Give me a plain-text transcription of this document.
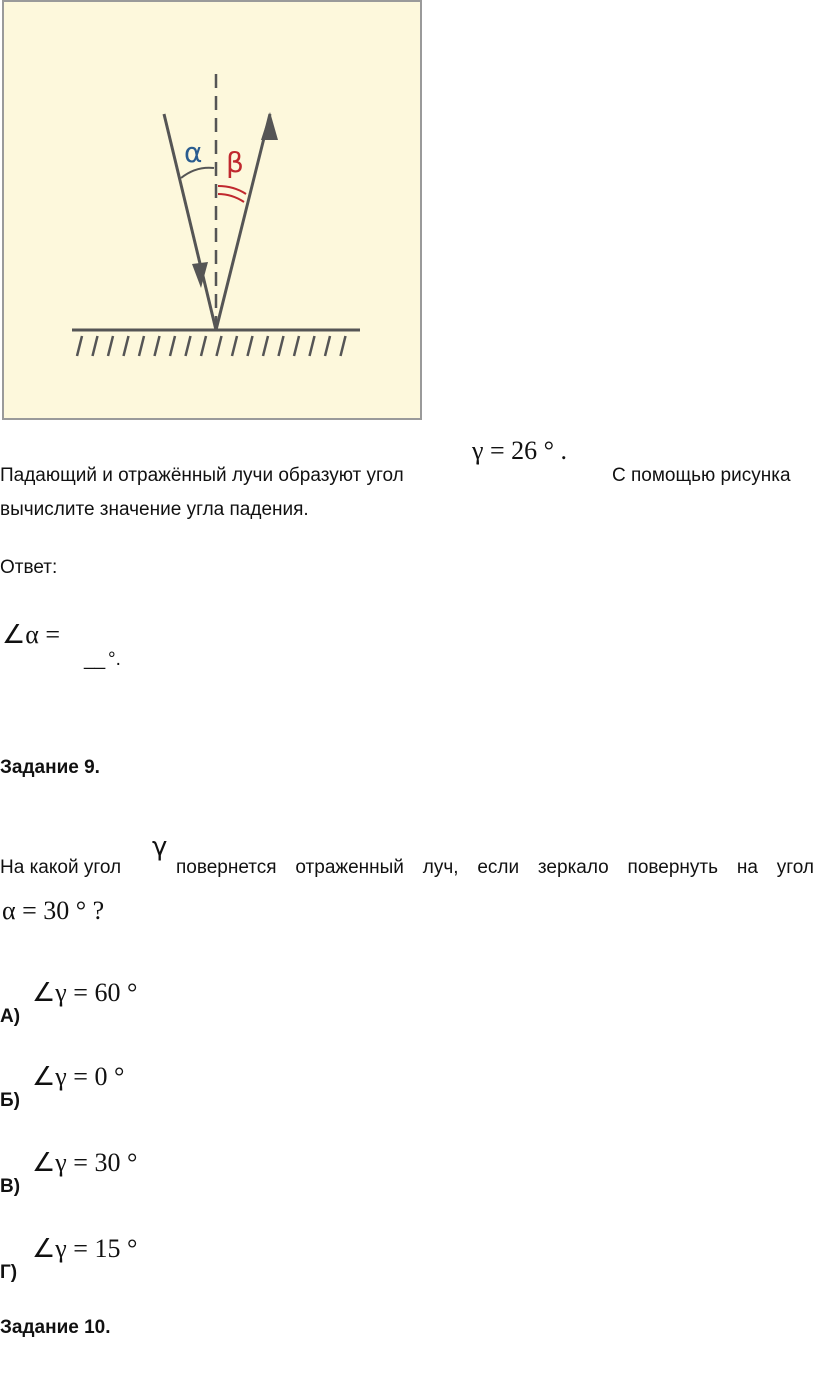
α β
Падающий и отражённый лучи образуют угол
γ = 26 ° .
С помощью рисунка
вычислите значение угла падения.
Ответ:
∠α =
__ °.
Задание 9.
γ
На какой угол	повернется отраженный луч, если зеркало повернуть на угол
α = 30 ° ?
А)
∠γ = 60 °
Б)
∠γ = 0 °
В)
∠γ = 30 °
Г)
∠γ = 15 °
Задание 10.
